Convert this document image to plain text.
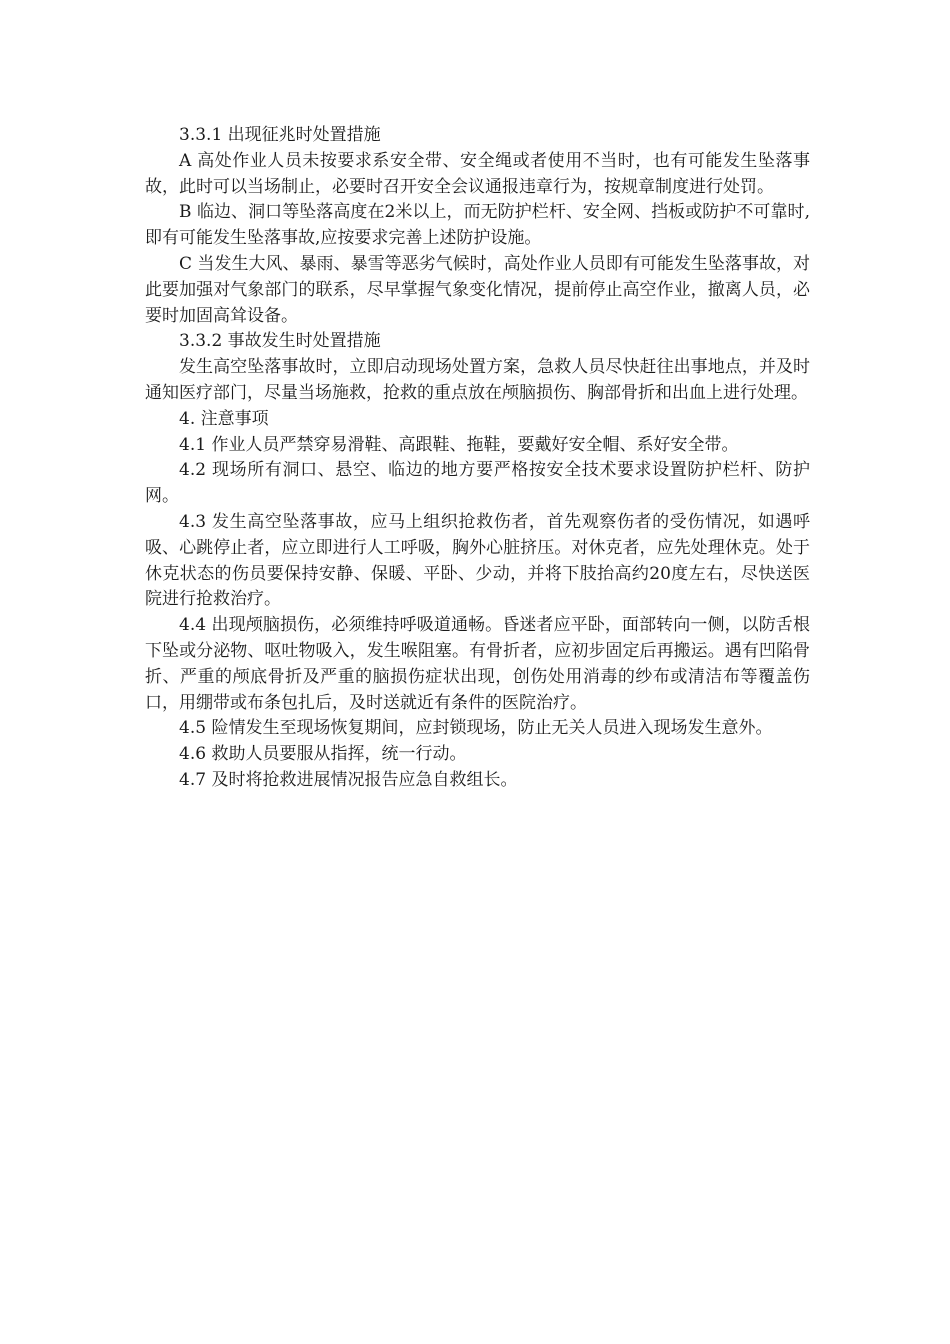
3.3.1 出现征兆时处置措施

A 高处作业人员未按要求系安全带、安全绳或者使用不当时，也有可能发生坠落事故，此时可以当场制止，必要时召开安全会议通报违章行为，按规章制度进行处罚。

B 临边、洞口等坠落高度在2米以上，而无防护栏杆、安全网、挡板或防护不可靠时,即有可能发生坠落事故,应按要求完善上述防护设施。

C 当发生大风、暴雨、暴雪等恶劣气候时，高处作业人员即有可能发生坠落事故，对此要加强对气象部门的联系，尽早掌握气象变化情况，提前停止高空作业，撤离人员，必要时加固高耸设备。

3.3.2 事故发生时处置措施

发生高空坠落事故时，立即启动现场处置方案，急救人员尽快赶往出事地点，并及时通知医疗部门，尽量当场施救，抢救的重点放在颅脑损伤、胸部骨折和出血上进行处理。

4. 注意事项

4.1 作业人员严禁穿易滑鞋、高跟鞋、拖鞋，要戴好安全帽、系好安全带。

4.2 现场所有洞口、悬空、临边的地方要严格按安全技术要求设置防护栏杆、防护网。

4.3 发生高空坠落事故，应马上组织抢救伤者，首先观察伤者的受伤情况，如遇呼吸、心跳停止者，应立即进行人工呼吸，胸外心脏挤压。对休克者，应先处理休克。处于休克状态的伤员要保持安静、保暖、平卧、少动，并将下肢抬高约20度左右，尽快送医院进行抢救治疗。

4.4 出现颅脑损伤，必须维持呼吸道通畅。昏迷者应平卧，面部转向一侧，以防舌根下坠或分泌物、呕吐物吸入，发生喉阻塞。有骨折者，应初步固定后再搬运。遇有凹陷骨折、严重的颅底骨折及严重的脑损伤症状出现，创伤处用消毒的纱布或清洁布等覆盖伤口，用绷带或布条包扎后，及时送就近有条件的医院治疗。

4.5 险情发生至现场恢复期间，应封锁现场，防止无关人员进入现场发生意外。

4.6 救助人员要服从指挥，统一行动。

4.7 及时将抢救进展情况报告应急自救组长。
